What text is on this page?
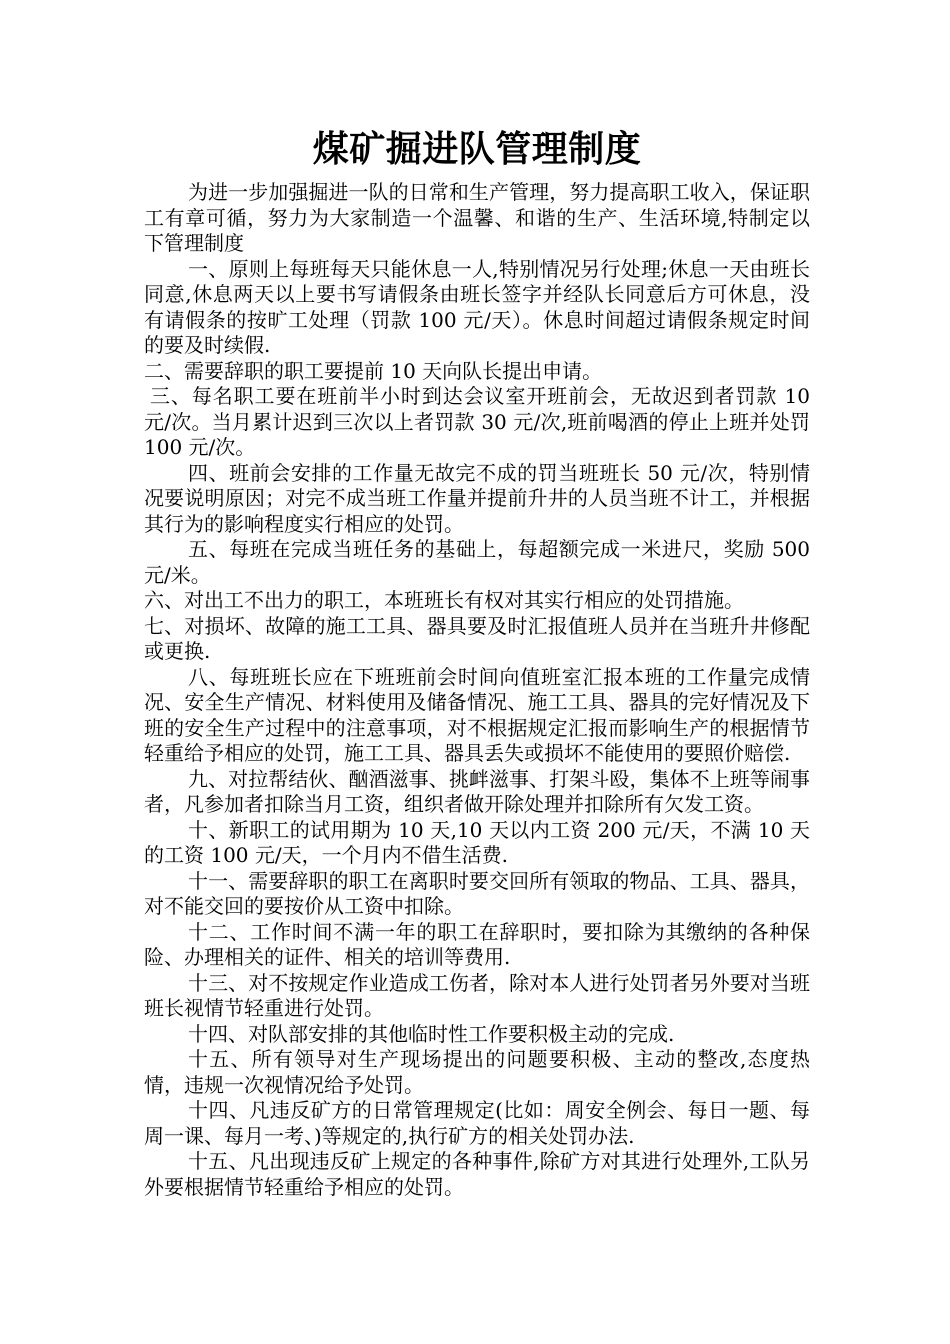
煤矿掘进队管理制度

为进一步加强掘进一队的日常和生产管理，努力提高职工收入，保证职工有章可循，努力为大家制造一个温馨、和谐的生产、生活环境,特制定以下管理制度

一、原则上每班每天只能休息一人,特别情况另行处理;休息一天由班长同意,休息两天以上要书写请假条由班长签字并经队长同意后方可休息，没有请假条的按旷工处理（罚款 100 元/天）。休息时间超过请假条规定时间的要及时续假.

二、需要辞职的职工要提前 10 天向队长提出申请。

三、每名职工要在班前半小时到达会议室开班前会，无故迟到者罚款 10 元/次。当月累计迟到三次以上者罚款 30 元/次,班前喝酒的停止上班并处罚 100 元/次。

四、班前会安排的工作量无故完不成的罚当班班长 50 元/次，特别情况要说明原因；对完不成当班工作量并提前升井的人员当班不计工，并根据其行为的影响程度实行相应的处罚。

五、每班在完成当班任务的基础上，每超额完成一米进尺，奖励 500 元/米。

六、对出工不出力的职工，本班班长有权对其实行相应的处罚措施。

七、对损坏、故障的施工工具、器具要及时汇报值班人员并在当班升井修配或更换.

八、每班班长应在下班班前会时间向值班室汇报本班的工作量完成情况、安全生产情况、材料使用及储备情况、施工工具、器具的完好情况及下班的安全生产过程中的注意事项，对不根据规定汇报而影响生产的根据情节轻重给予相应的处罚，施工工具、器具丢失或损坏不能使用的要照价赔偿.

九、对拉帮结伙、酗酒滋事、挑衅滋事、打架斗殴，集体不上班等闹事者，凡参加者扣除当月工资，组织者做开除处理并扣除所有欠发工资。

十、新职工的试用期为 10 天,10 天以内工资 200 元/天，不满 10 天的工资 100 元/天，一个月内不借生活费.

十一、需要辞职的职工在离职时要交回所有领取的物品、工具、器具，对不能交回的要按价从工资中扣除。

十二、工作时间不满一年的职工在辞职时，要扣除为其缴纳的各种保险、办理相关的证件、相关的培训等费用.

十三、对不按规定作业造成工伤者，除对本人进行处罚者另外要对当班班长视情节轻重进行处罚。

十四、对队部安排的其他临时性工作要积极主动的完成.

十五、所有领导对生产现场提出的问题要积极、主动的整改,态度热情，违规一次视情况给予处罚。

十四、凡违反矿方的日常管理规定(比如：周安全例会、每日一题、每周一课、每月一考、)等规定的,执行矿方的相关处罚办法.

十五、凡出现违反矿上规定的各种事件,除矿方对其进行处理外,工队另外要根据情节轻重给予相应的处罚。
